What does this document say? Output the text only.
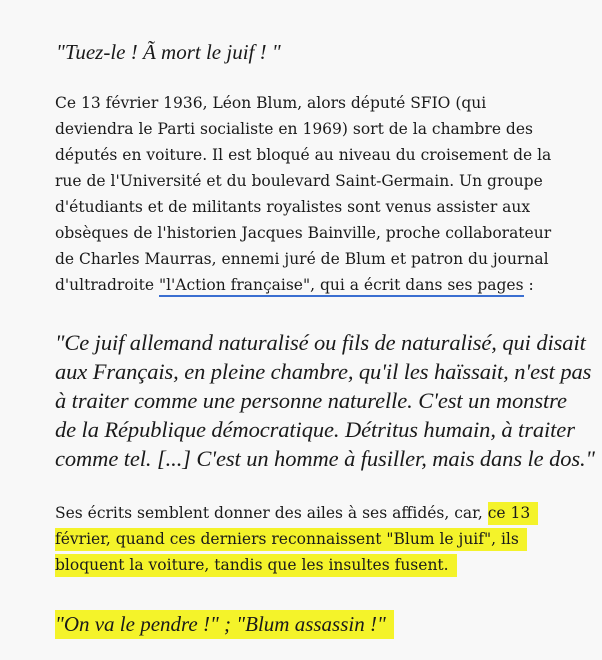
"Tuez-le ! Ã mort le juif ! "

Ce 13 février 1936, Léon Blum, alors député SFIO (qui
deviendra le Parti socialiste en 1969) sort de la chambre des
députés en voiture. Il est bloqué au niveau du croisement de la
rue de l'Université et du boulevard Saint-Germain. Un groupe
d'étudiants et de militants royalistes sont venus assister aux
obsèques de l'historien Jacques Bainville, proche collaborateur
de Charles Maurras, ennemi juré de Blum et patron du journal
d'ultradroite "l'Action française", qui a écrit dans ses pages :

"Ce juif allemand naturalisé ou fils de naturalisé, qui disait
aux Français, en pleine chambre, qu'il les haïssait, n'est pas
à traiter comme une personne naturelle. C'est un monstre
de la République démocratique. Détritus humain, à traiter
comme tel. [...] C'est un homme à fusiller, mais dans le dos."

Ses écrits semblent donner des ailes à ses affidés, car, ce 13
février, quand ces derniers reconnaissent "Blum le juif", ils
bloquent la voiture, tandis que les insultes fusent.

"On va le pendre !" ; "Blum assassin !"
